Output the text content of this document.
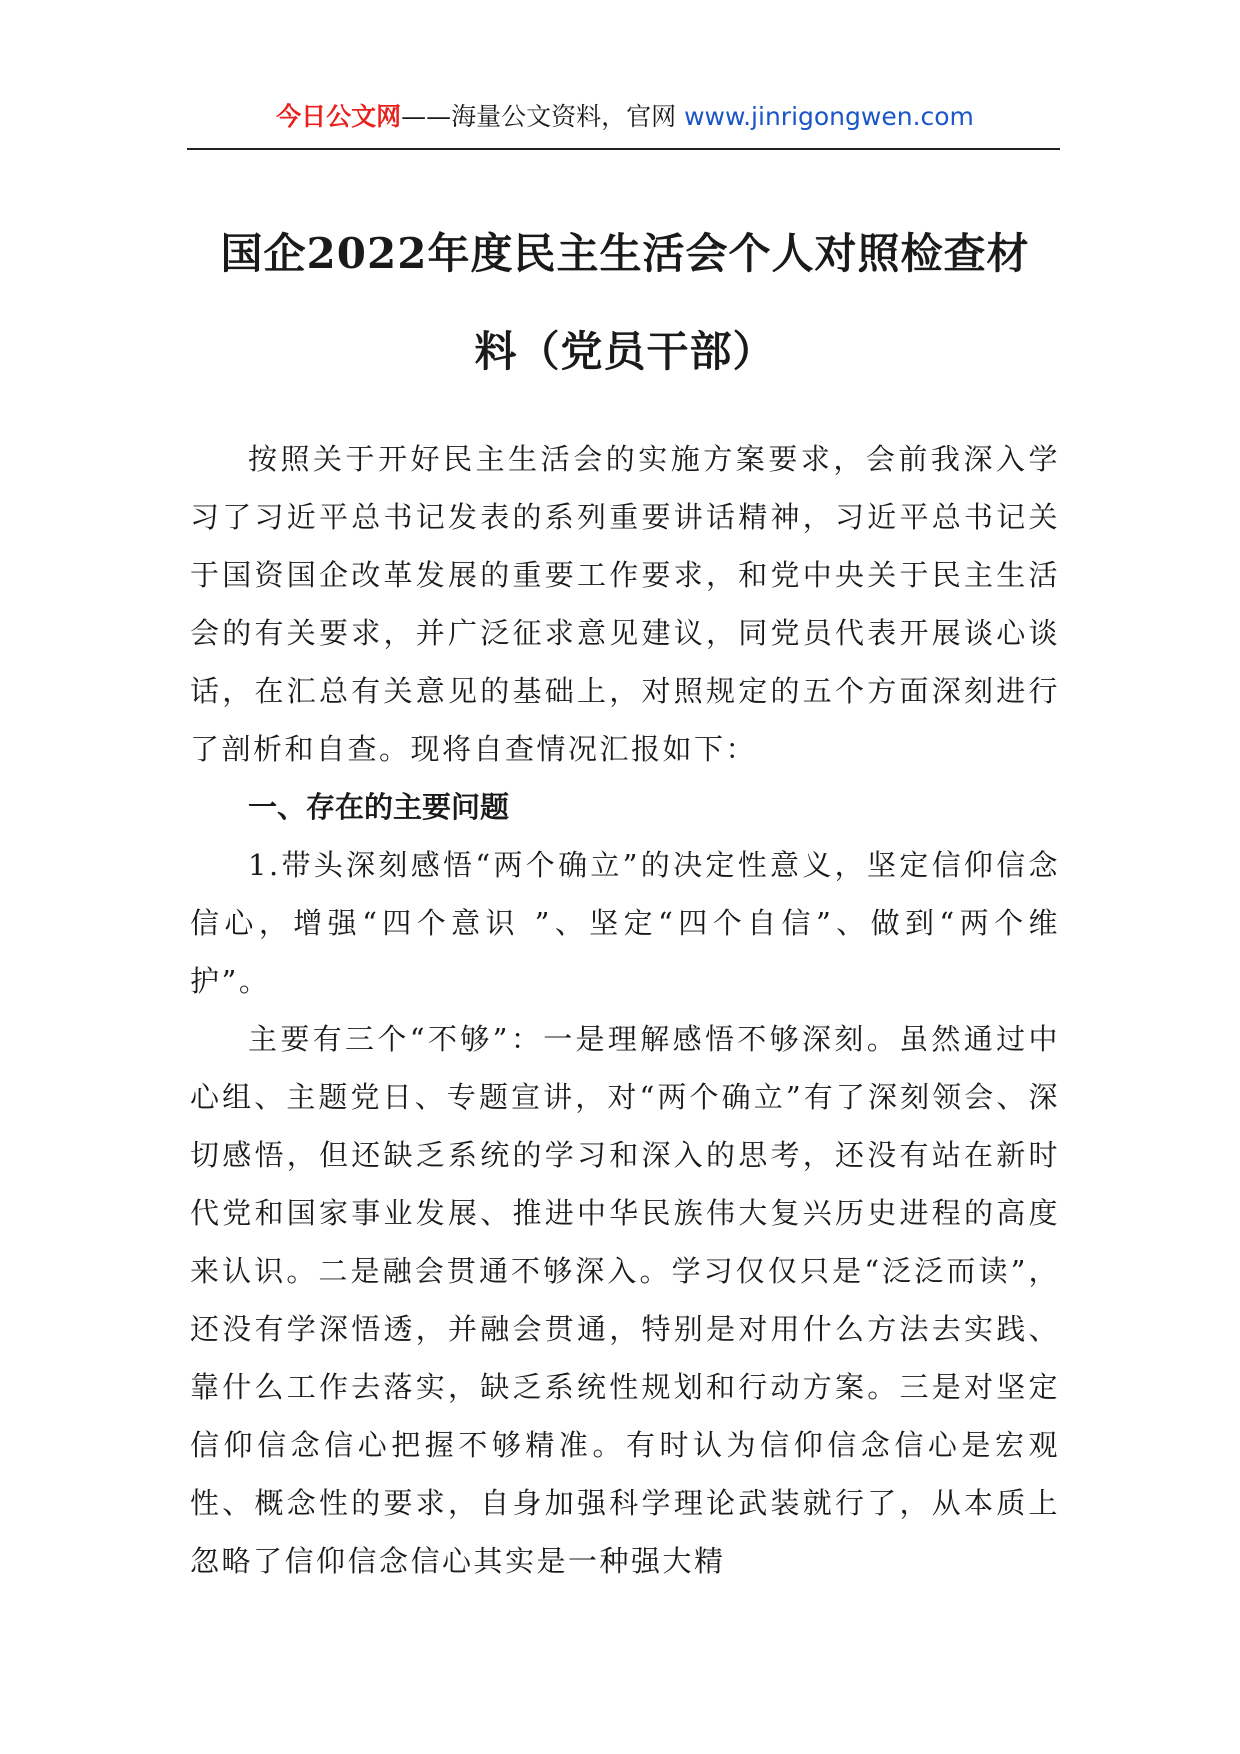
今日公文网——海量公文资料，官网 www.jinrigongwen.com
国企2022年度民主生活会个人对照检查材
料（党员干部）

按照关于开好民主生活会的实施方案要求，会前我深入学习了习近平总书记发表的系列重要讲话精神，习近平总书记关于国资国企改革发展的重要工作要求，和党中央关于民主生活会的有关要求，并广泛征求意见建议，同党员代表开展谈心谈话，在汇总有关意见的基础上，对照规定的五个方面深刻进行了剖析和自查。现将自查情况汇报如下：

一、存在的主要问题

1.带头深刻感悟“两个确立”的决定性意义，坚定信仰信念信心，增强“四个意识 ”、坚定“四个自信”、做到“两个维护”。

主要有三个“不够”：一是理解感悟不够深刻。虽然通过中心组、主题党日、专题宣讲，对“两个确立”有了深刻领会、深切感悟，但还缺乏系统的学习和深入的思考，还没有站在新时代党和国家事业发展、推进中华民族伟大复兴历史进程的高度来认识。二是融会贯通不够深入。学习仅仅只是“泛泛而读”，还没有学深悟透，并融会贯通，特别是对用什么方法去实践、靠什么工作去落实，缺乏系统性规划和行动方案。三是对坚定信仰信念信心把握不够精准。有时认为信仰信念信心是宏观性、概念性的要求，自身加强科学理论武装就行了，从本质上忽略了信仰信念信心其实是一种强大精
